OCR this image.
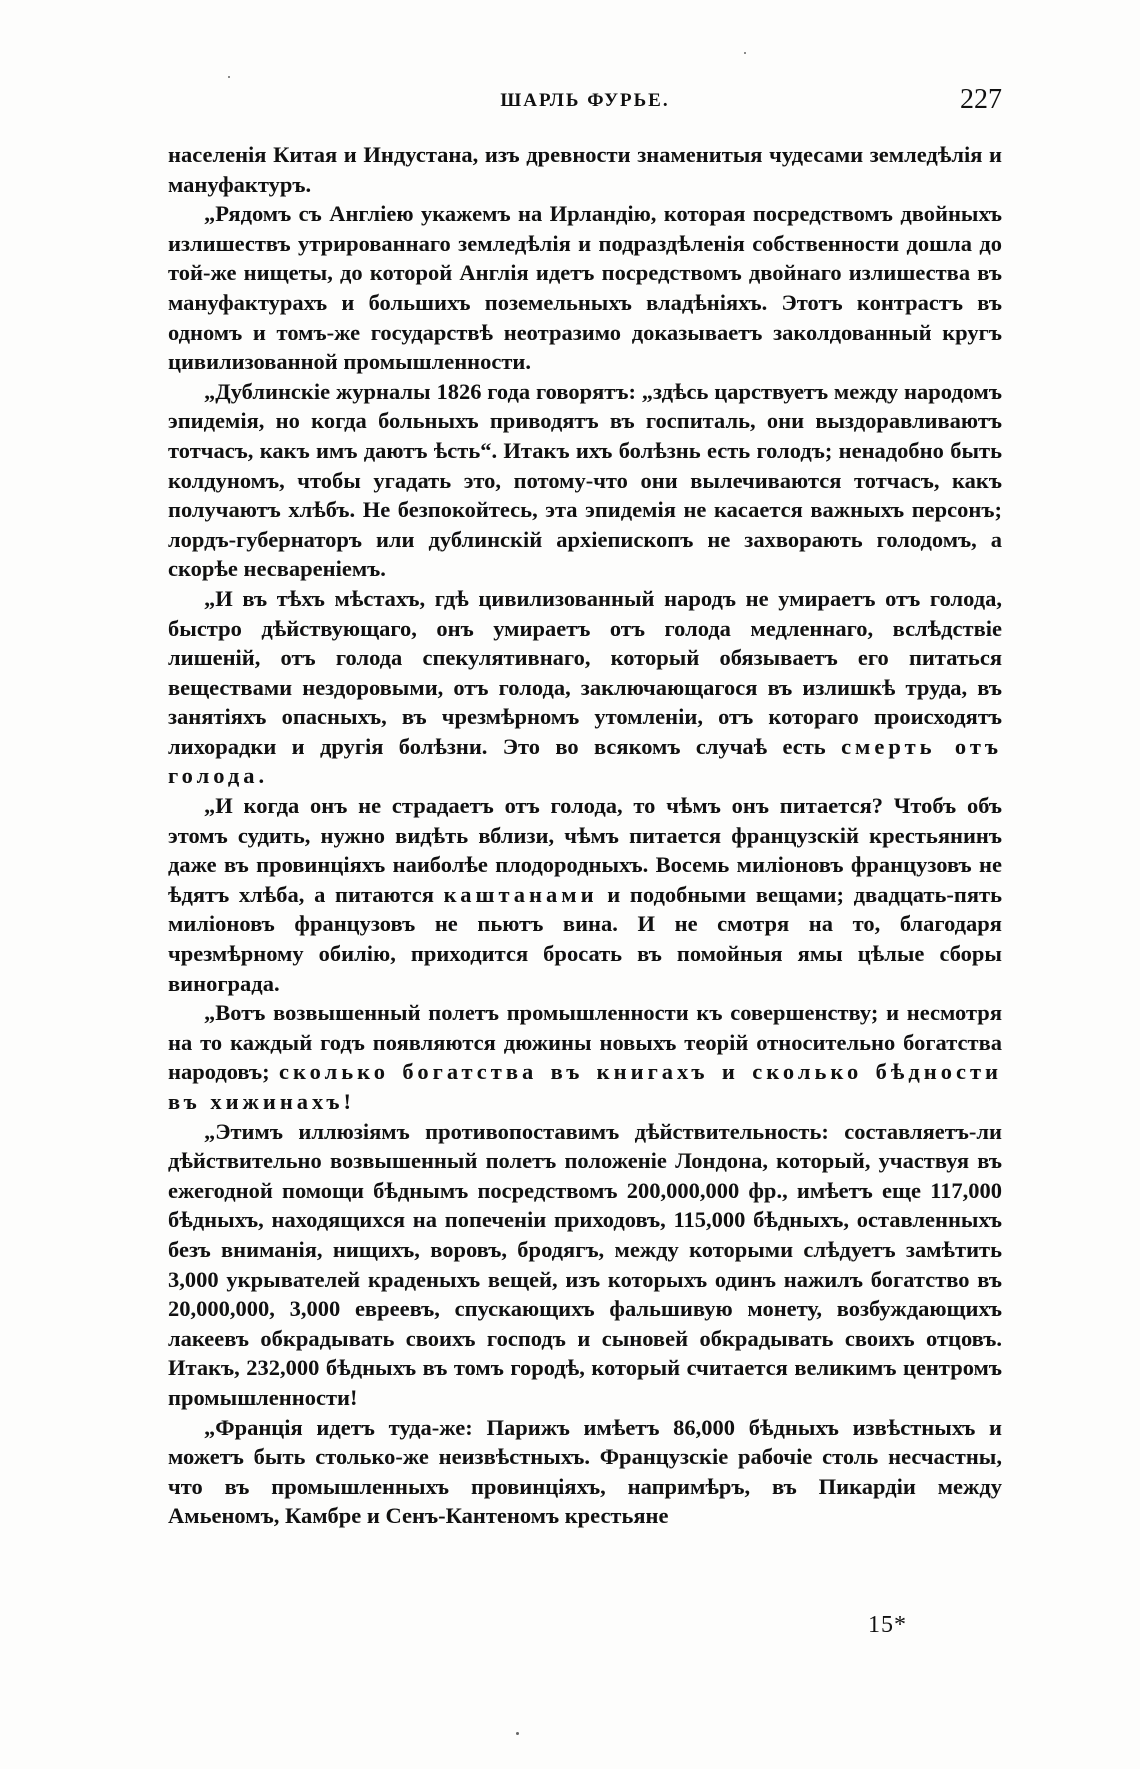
ШАРЛЬ ФУРЬЕ.	227

населенія Китая и Индустана, изъ древности знаменитыя чудесами земледѣлія и мануфактуръ.

„Рядомъ съ Англіею укажемъ на Ирландію, которая посредствомъ двойныхъ излишествъ утрированнаго земледѣлія и подраздѣленія собственности дошла до той-же нищеты, до которой Англія идетъ посредствомъ двойнаго излишества въ мануфактурахъ и большихъ поземельныхъ владѣніяхъ. Этотъ контрастъ въ одномъ и томъ-же государствѣ неотразимо доказываетъ заколдованный кругъ цивилизованной промышленности.

„Дублинскіе журналы 1826 года говорятъ: „здѣсь царствуетъ между народомъ эпидемія, но когда больныхъ приводятъ въ госпиталь, они выздоравливаютъ тотчасъ, какъ имъ даютъ ѣсть“. Итакъ ихъ болѣзнь есть голодъ; ненадобно быть колдуномъ, чтобы угадать это, потому-что они вылечиваются тотчасъ, какъ получаютъ хлѣбъ. Не безпокойтесь, эта эпидемія не касается важныхъ персонъ; лордъ-губернаторъ или дублинскій архіепископъ не захворають голодомъ, а скорѣе несвареніемъ.

„И въ тѣхъ мѣстахъ, гдѣ цивилизованный народъ не умираетъ отъ голода, быстро дѣйствующаго, онъ умираетъ отъ голода медленнаго, вслѣдствіе лишеній, отъ голода спекулятивнаго, который обязываетъ его питаться веществами нездоровыми, отъ голода, заключающагося въ излишкѣ труда, въ занятіяхъ опасныхъ, въ чрезмѣрномъ утомленіи, отъ котораго происходятъ лихорадки и другія болѣзни. Это во всякомъ случаѣ есть смерть отъ голода.

„И когда онъ не страдаетъ отъ голода, то чѣмъ онъ питается? Чтобъ объ этомъ судить, нужно видѣть вблизи, чѣмъ питается французскій крестьянинъ даже въ провинціяхъ наиболѣе плодородныхъ. Восемь миліоновъ французовъ не ѣдятъ хлѣба, а питаются каштанами и подобными вещами; двадцать-пять миліоновъ французовъ не пьютъ вина. И не смотря на то, благодаря чрезмѣрному обилію, приходится бросать въ помойныя ямы цѣлые сборы винограда.

„Вотъ возвышенный полетъ промышленности къ совершенству; и несмотря на то каждый годъ появляются дюжины новыхъ теорій относительно богатства народовъ; сколько богатства въ книгахъ и сколько бѣдности въ хижинахъ!

„Этимъ иллюзіямъ противопоставимъ дѣйствительность: составляетъ-ли дѣйствительно возвышенный полетъ положеніе Лондона, который, участвуя въ ежегодной помощи бѣднымъ посредствомъ 200,000,000 фр., имѣетъ еще 117,000 бѣдныхъ, находящихся на попеченіи приходовъ, 115,000 бѣдныхъ, оставленныхъ безъ вниманія, нищихъ, воровъ, бродягъ, между которыми слѣдуетъ замѣтить 3,000 укрывателей краденыхъ вещей, изъ которыхъ одинъ нажилъ богатство въ 20,000,000, 3,000 евреевъ, спускающихъ фальшивую монету, возбуждающихъ лакеевъ обкрадывать своихъ господъ и сыновей обкрадывать своихъ отцовъ. Итакъ, 232,000 бѣдныхъ въ томъ городѣ, который считается великимъ центромъ промышленности!

„Франція идетъ туда-же: Парижъ имѣетъ 86,000 бѣдныхъ извѣстныхъ и можетъ быть столько-же неизвѣстныхъ. Французскіе рабочіе столь несчастны, что въ промышленныхъ провинціяхъ, напримѣръ, въ Пикардіи между Амьеномъ, Камбре и Сенъ-Кантеномъ крестьяне

15*
